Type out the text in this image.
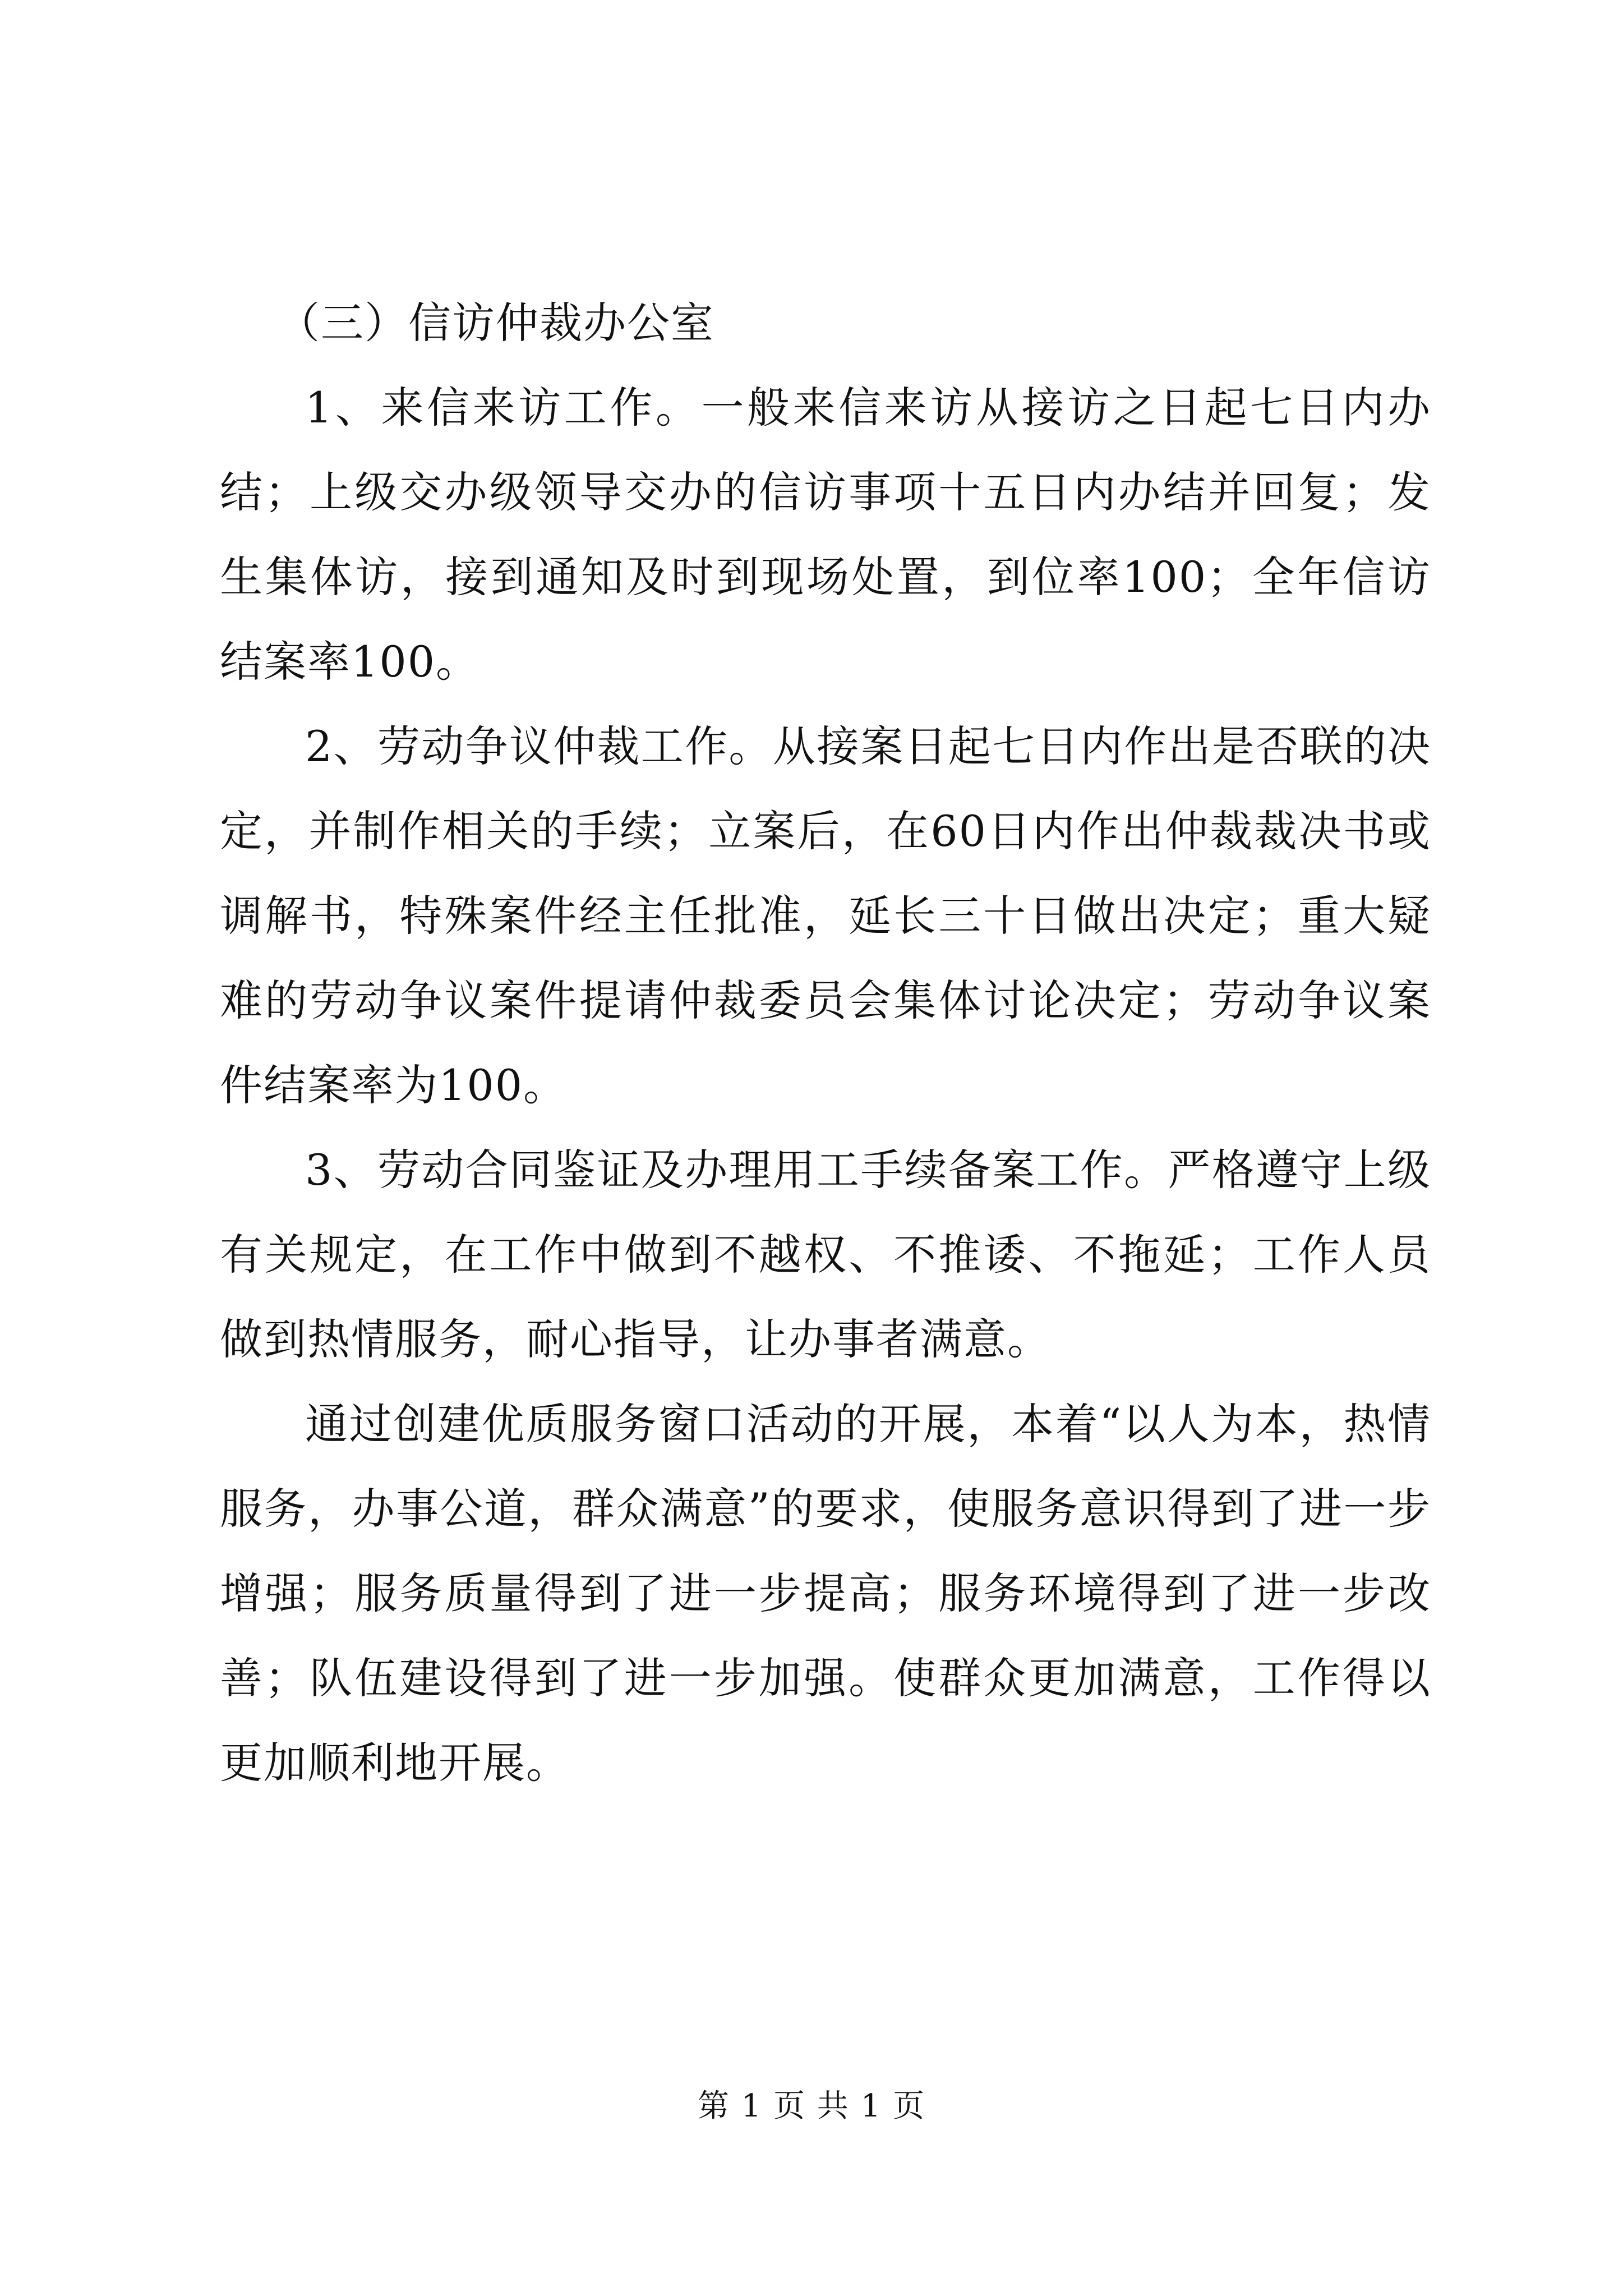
（三）信访仲裁办公室

1、来信来访工作。一般来信来访从接访之日起七日内办结；上级交办级领导交办的信访事项十五日内办结并回复；发生集体访，接到通知及时到现场处置，到位率100；全年信访结案率100。

2、劳动争议仲裁工作。从接案日起七日内作出是否联的决定，并制作相关的手续；立案后，在60日内作出仲裁裁决书或调解书，特殊案件经主任批准，延长三十日做出决定；重大疑难的劳动争议案件提请仲裁委员会集体讨论决定；劳动争议案件结案率为100。

3、劳动合同鉴证及办理用工手续备案工作。严格遵守上级有关规定，在工作中做到不越权、不推诿、不拖延；工作人员做到热情服务，耐心指导，让办事者满意。

通过创建优质服务窗口活动的开展，本着“以人为本，热情服务，办事公道，群众满意”的要求，使服务意识得到了进一步增强；服务质量得到了进一步提高；服务环境得到了进一步改善；队伍建设得到了进一步加强。使群众更加满意，工作得以更加顺利地开展。

第 1 页 共 1 页
